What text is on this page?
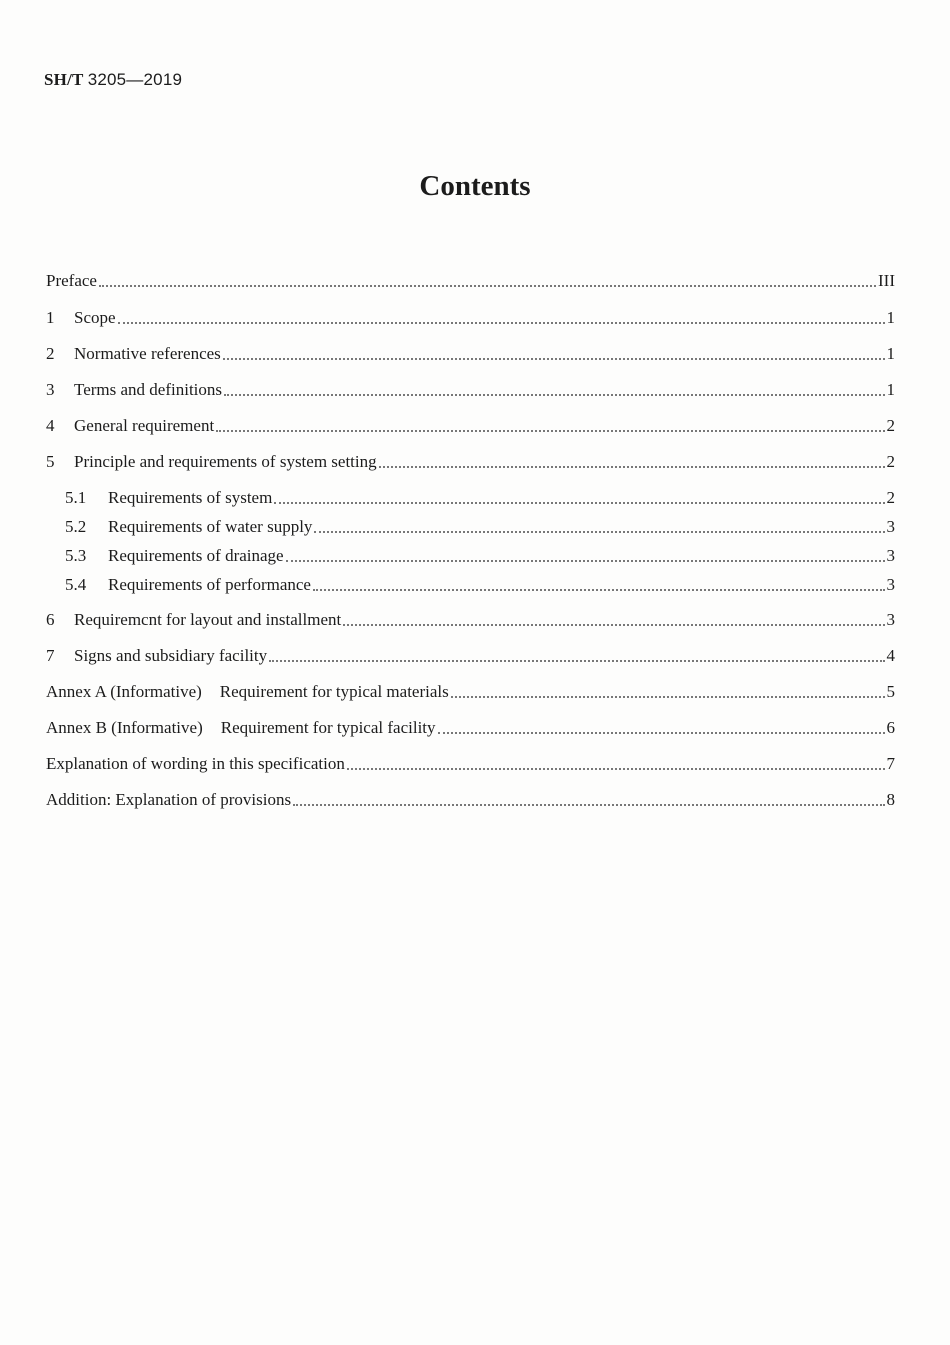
SH/T 3205—2019
Contents
Preface	III
1	Scope	1
2	Normative references	1
3	Terms and definitions	1
4	General requirement	2
5	Principle and requirements of system setting	2
5.1	Requirements of system	2
5.2	Requirements of water supply	3
5.3	Requirements of drainage	3
5.4	Requirements of performance	3
6	Requiremcnt for layout and installment	3
7	Signs and subsidiary facility	4
Annex A (Informative) Requirement for typical materials	5
Annex B (Informative) Requirement for typical facility	6
Explanation of wording in this specification	7
Addition: Explanation of provisions	8
